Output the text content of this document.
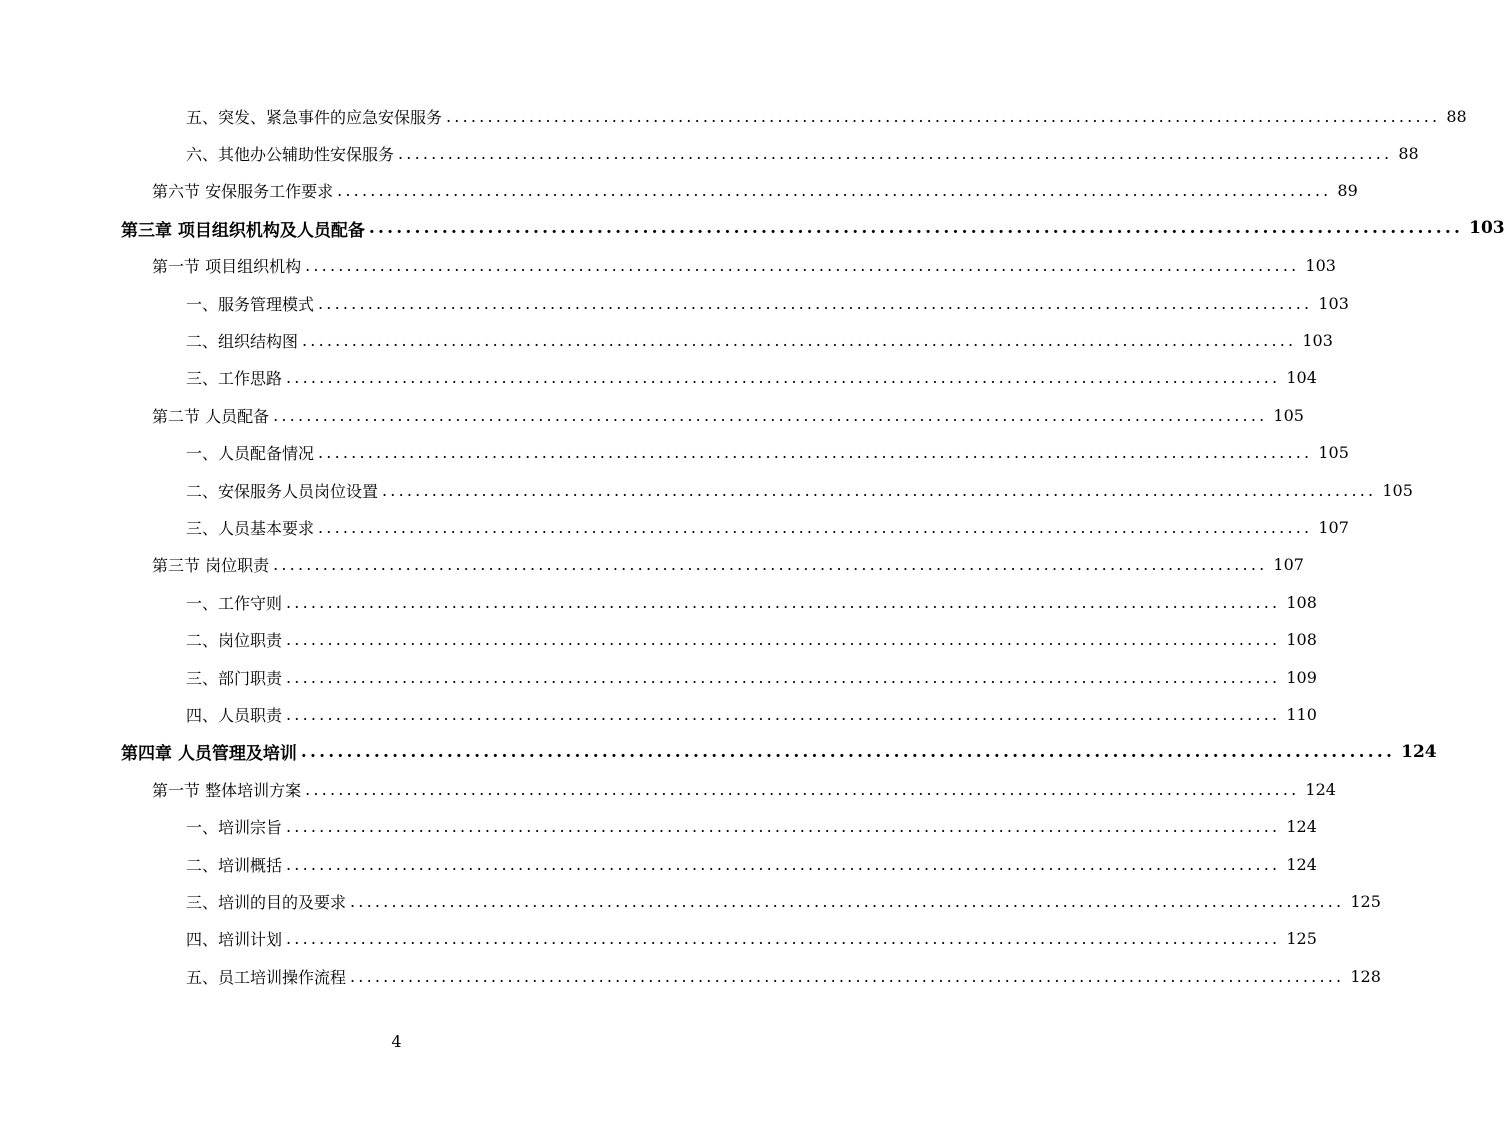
五、突发、紧急事件的应急安保服务 ........................................................................................................................ 88
六、其他办公辅助性安保服务 ........................................................................................................................ 88
第六节 安保服务工作要求 ........................................................................................................................ 89
第三章 项目组织机构及人员配备 ........................................................................................................................ 103
第一节 项目组织机构 ........................................................................................................................ 103
一、服务管理模式 ........................................................................................................................ 103
二、组织结构图 ........................................................................................................................ 103
三、工作思路 ........................................................................................................................ 104
第二节 人员配备 ........................................................................................................................ 105
一、人员配备情况 ........................................................................................................................ 105
二、安保服务人员岗位设置 ........................................................................................................................ 105
三、人员基本要求 ........................................................................................................................ 107
第三节 岗位职责 ........................................................................................................................ 107
一、工作守则 ........................................................................................................................ 108
二、岗位职责 ........................................................................................................................ 108
三、部门职责 ........................................................................................................................ 109
四、人员职责 ........................................................................................................................ 110
第四章 人员管理及培训 ........................................................................................................................ 124
第一节 整体培训方案 ........................................................................................................................ 124
一、培训宗旨 ........................................................................................................................ 124
二、培训概括 ........................................................................................................................ 124
三、培训的目的及要求 ........................................................................................................................ 125
四、培训计划 ........................................................................................................................ 125
五、员工培训操作流程 ........................................................................................................................ 128
4
